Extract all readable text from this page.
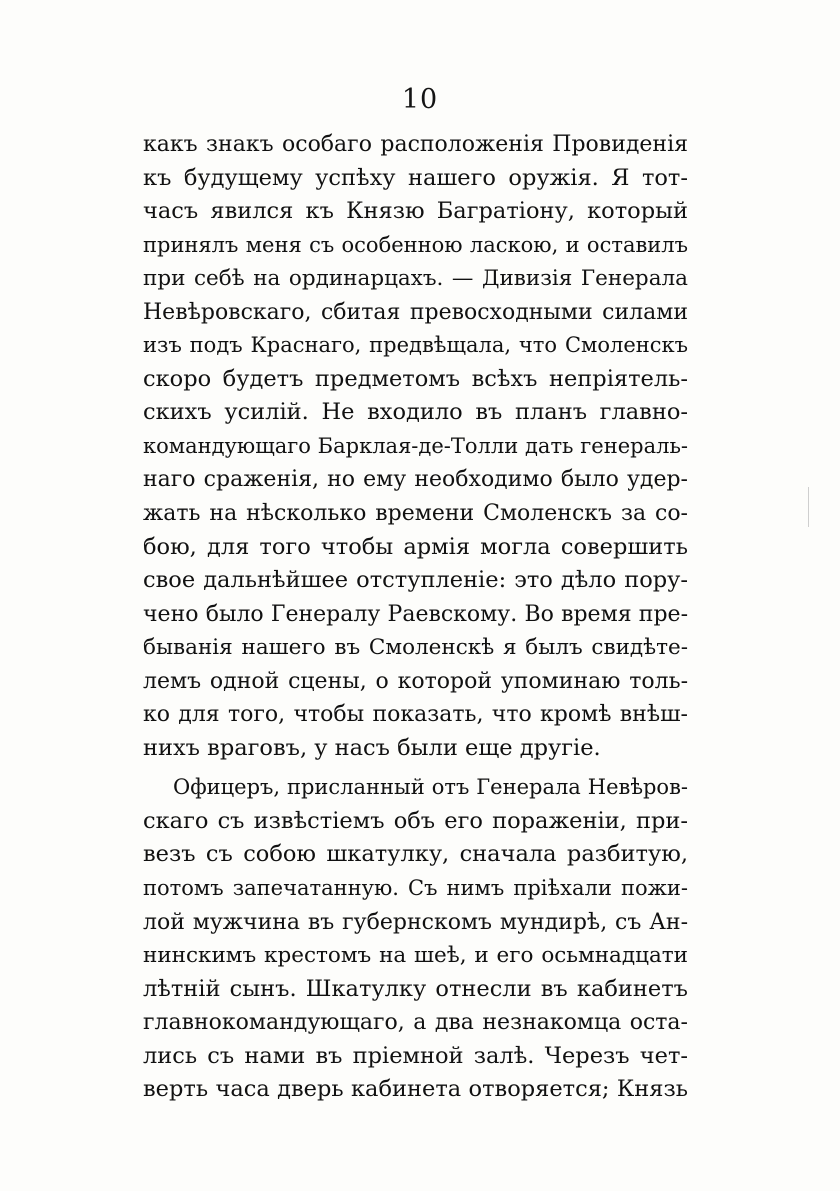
10
какъ знакъ особаго расположенія Провиденія
къ будущему успѣху нашего оружія. Я тот-
часъ явился къ Князю Багратіону, который
принялъ меня съ особенною ласкою, и оставилъ
при себѣ на ординарцахъ. — Дивизія Генерала
Невѣровскаго, сбитая превосходными силами
изъ подъ Краснаго, предвѣщала, что Смоленскъ
скоро будетъ предметомъ всѣхъ непріятель-
скихъ усилій. Не входило въ планъ главно-
командующаго Барклая-де-Толли дать генераль-
наго сраженія, но ему необходимо было удер-
жать на нѣсколько времени Смоленскъ за со-
бою, для того чтобы армія могла совершить
свое дальнѣйшее отступленіе: это дѣло пору-
чено было Генералу Раевскому. Во время пре-
быванія нашего въ Смоленскѣ я былъ свидѣте-
лемъ одной сцены, о которой упоминаю толь-
ко для того, чтобы показать, что кромѣ внѣш-
нихъ враговъ, у насъ были еще другіе.
Офицеръ, присланный отъ Генерала Невѣров-
скаго съ извѣстіемъ объ его пораженіи, при-
везъ съ собою шкатулку, сначала разбитую,
потомъ запечатанную. Съ нимъ пріѣхали пожи-
лой мужчина въ губернскомъ мундирѣ, съ Ан-
нинскимъ крестомъ на шеѣ, и его осьмнадцати
лѣтній сынъ. Шкатулку отнесли въ кабинетъ
главнокомандующаго, а два незнакомца оста-
лись съ нами въ пріемной залѣ. Черезъ чет-
верть часа дверь кабинета отворяется; Князь
